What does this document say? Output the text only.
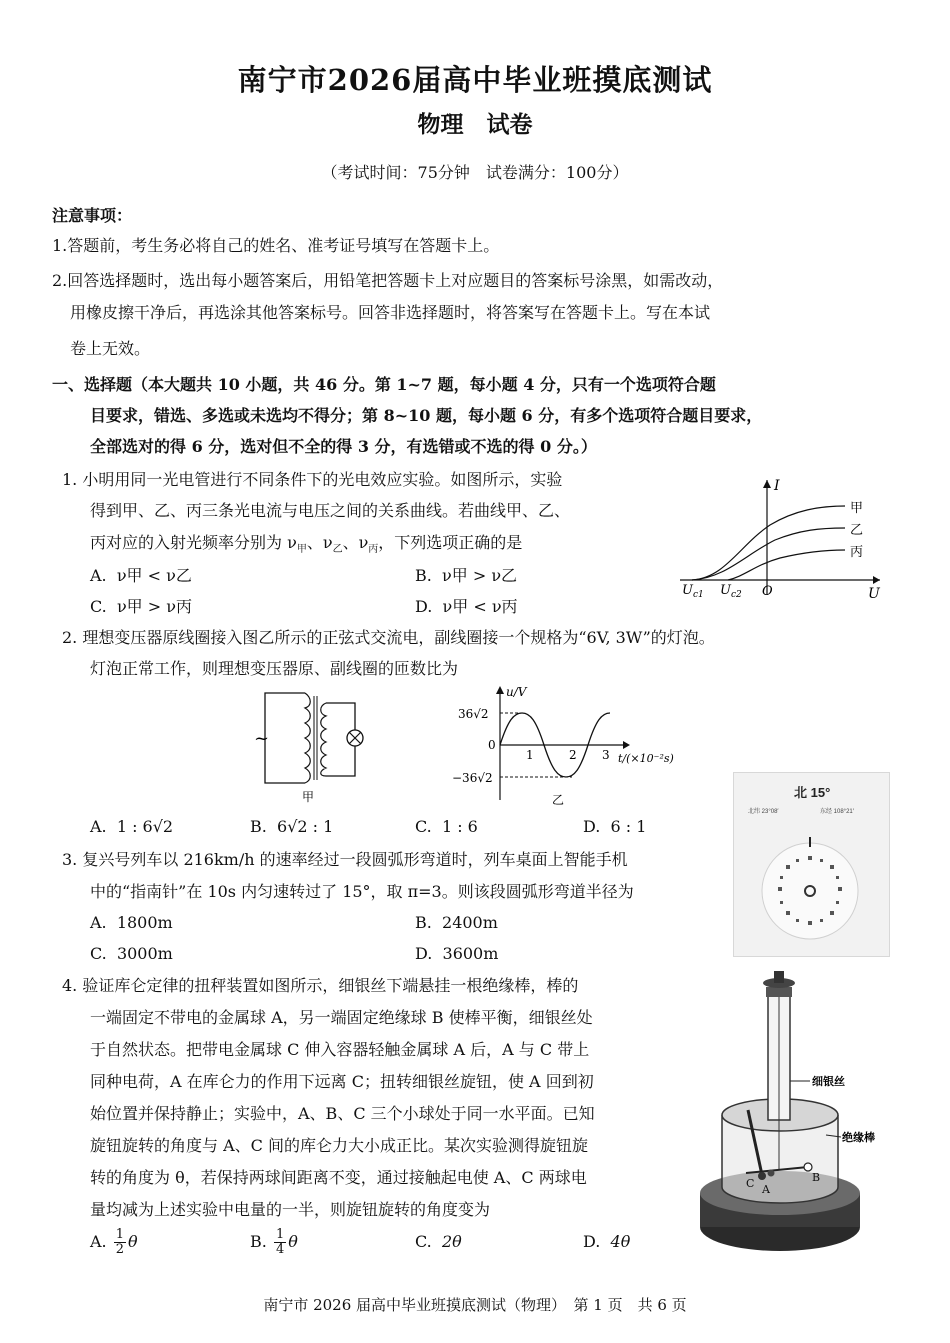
南宁市2026届高中毕业班摸底测试
物理　试卷
（考试时间：75分钟　试卷满分：100分）
注意事项：
1.答题前，考生务必将自己的姓名、准考证号填写在答题卡上。
2.回答选择题时，选出每小题答案后，用铅笔把答题卡上对应题目的答案标号涂黑，如需改动，
用橡皮擦干净后，再选涂其他答案标号。回答非选择题时，将答案写在答题卡上。写在本试
卷上无效。
一、选择题（本大题共 10 小题，共 46 分。第 1~7 题，每小题 4 分，只有一个选项符合题
目要求，错选、多选或未选均不得分；第 8~10 题，每小题 6 分，有多个选项符合题目要求，
全部选对的得 6 分，选对但不全的得 3 分，有选错或不选的得 0 分。）
1. 小明用同一光电管进行不同条件下的光电效应实验。如图所示，实验
得到甲、乙、丙三条光电流与电压之间的关系曲线。若曲线甲、乙、
丙对应的入射光频率分别为 $\nu_甲$、$\nu_乙$、$\nu_丙$，下列选项正确的是
A. ν甲 < ν乙	B. ν甲 > ν乙
C. ν甲 > ν丙	D. ν甲 < ν丙
I
U
O
$U_{c1}$ $U_{c2}$
甲
乙
丙
2. 理想变压器原线圈接入图乙所示的正弦式交流电，副线圈接一个规格为“6V, 3W”的灯泡。
灯泡正常工作，则理想变压器原、副线圈的匝数比为
~
甲
u/V
36√2
0
−36√2
1	2 3 t/(×10⁻²s)
乙
A. 1 : 6√2	B. 6√2 : 1	C. 1 : 6	D. 6 : 1
北 15°
北纬 23°08′	东经 108°21′
3. 复兴号列车以 216km/h 的速率经过一段圆弧形弯道时，列车桌面上智能手机
中的“指南针”在 10s 内匀速转过了 15°，取 π=3。则该段圆弧形弯道半径为
A. 1800m	B. 2400m
C. 3000m	D. 3600m
4. 验证库仑定律的扭秤装置如图所示，细银丝下端悬挂一根绝缘棒，棒的
一端固定不带电的金属球 A，另一端固定绝缘球 B 使棒平衡，细银丝处
于自然状态。把带电金属球 C 伸入容器轻触金属球 A 后，A 与 C 带上
同种电荷，A 在库仑力的作用下远离 C；扭转细银丝旋钮，使 A 回到初
始位置并保持静止；实验中，A、B、C 三个小球处于同一水平面。已知
旋钮旋转的角度与 A、C 间的库仑力大小成正比。某次实验测得旋钮旋
转的角度为 θ，若保持两球间距离不变，通过接触起电使 A、C 两球电
量均减为上述实验中电量的一半，则旋钮旋转的角度变为
A. $\frac{1}{2}$ θ	B. $\frac{1}{4}$ θ	C. 2θ	D. 4θ
C A
B
细银丝
绝缘棒
南宁市 2026 届高中毕业班摸底测试（物理）　第 1 页　共 6 页
